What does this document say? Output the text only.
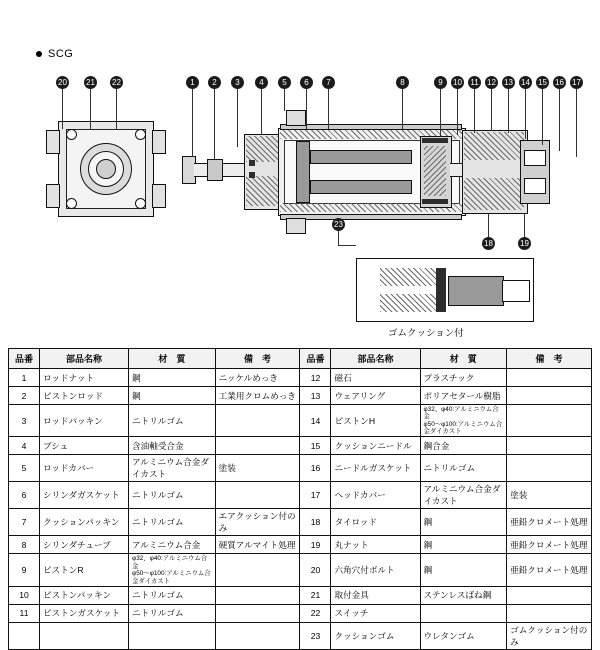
SCG
20 21 22	1	2	3	4	5	6	7	8	9	10 11 12 13 14 15 16 17
18	19
23
ゴムクッション付
品番	部品名称	材　質	備　考	品番	部品名称	材　質	備　考
1	ロッドナット	鋼	ニッケルめっき	12	磁石	プラスチック	
2	ピストンロッド	鋼	工業用クロムめっき	13	ウェアリング	ポリアセタール樹脂	
3	ロッドパッキン	ニトリルゴム		14	ピストンH	φ32、φ40:アルミニウム合金
φ50～φ100:アルミニウム合金ダイカスト	

4	ブシュ	含油軸受合金		15	クッションニードル	鋼合金	
5	ロッドカバー	アルミニウム合金ダイカスト	塗装	16	ニードルガスケット	ニトリルゴム	
6	シリンダガスケット	ニトリルゴム		17	ヘッドカバー	アルミニウム合金ダイカスト	塗装
7	クッションパッキン	ニトリルゴム	エアクッション付のみ	18	タイロッド	鋼	亜鉛クロメート処理
8	シリンダチューブ	アルミニウム合金	硬質アルマイト処理	19	丸ナット	鋼	亜鉛クロメート処理
9	ピストンR	φ32、φ40:アルミニウム合金
φ50～φ100:アルミニウム合金ダイカスト		20	六角穴付ボルト	鋼	亜鉛クロメート処理
10	ピストンパッキン	ニトリルゴム		21	取付金具	ステンレスばね鋼	
11	ピストンガスケット	ニトリルゴム		22	スイッチ		
				23	クッションゴム	ウレタンゴム	ゴムクッション付のみ
